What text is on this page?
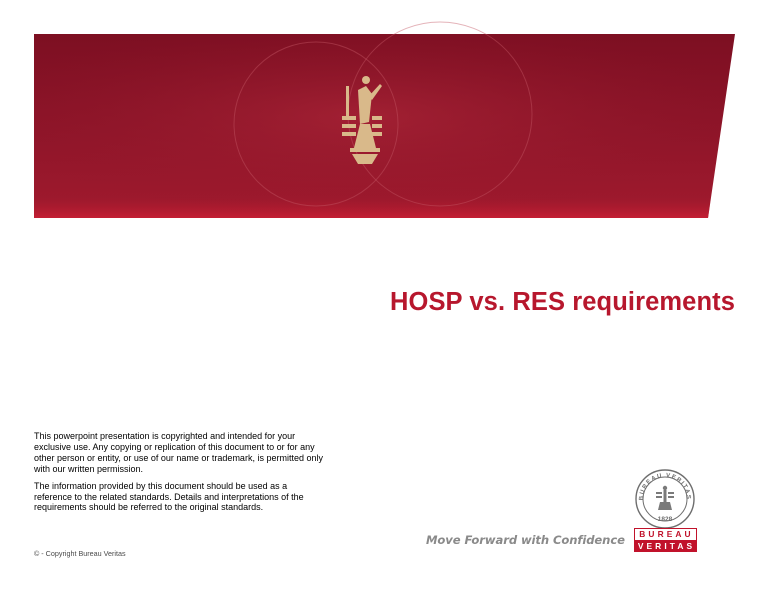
HOSP vs. RES requirements

This powerpoint presentation is copyrighted and intended for your exclusive use. Any copying or replication of this document to or for any other person or entity, or use of our name or trademark, is permitted only with our written permission.

The information provided by this document should be used as a reference to the related standards. Details and interpretations of the requirements should be referred to the original standards.

© - Copyright Bureau Veritas
Move Forward with Confidence
BUREAU VERITAS
1828
BUREAU
VERITAS
